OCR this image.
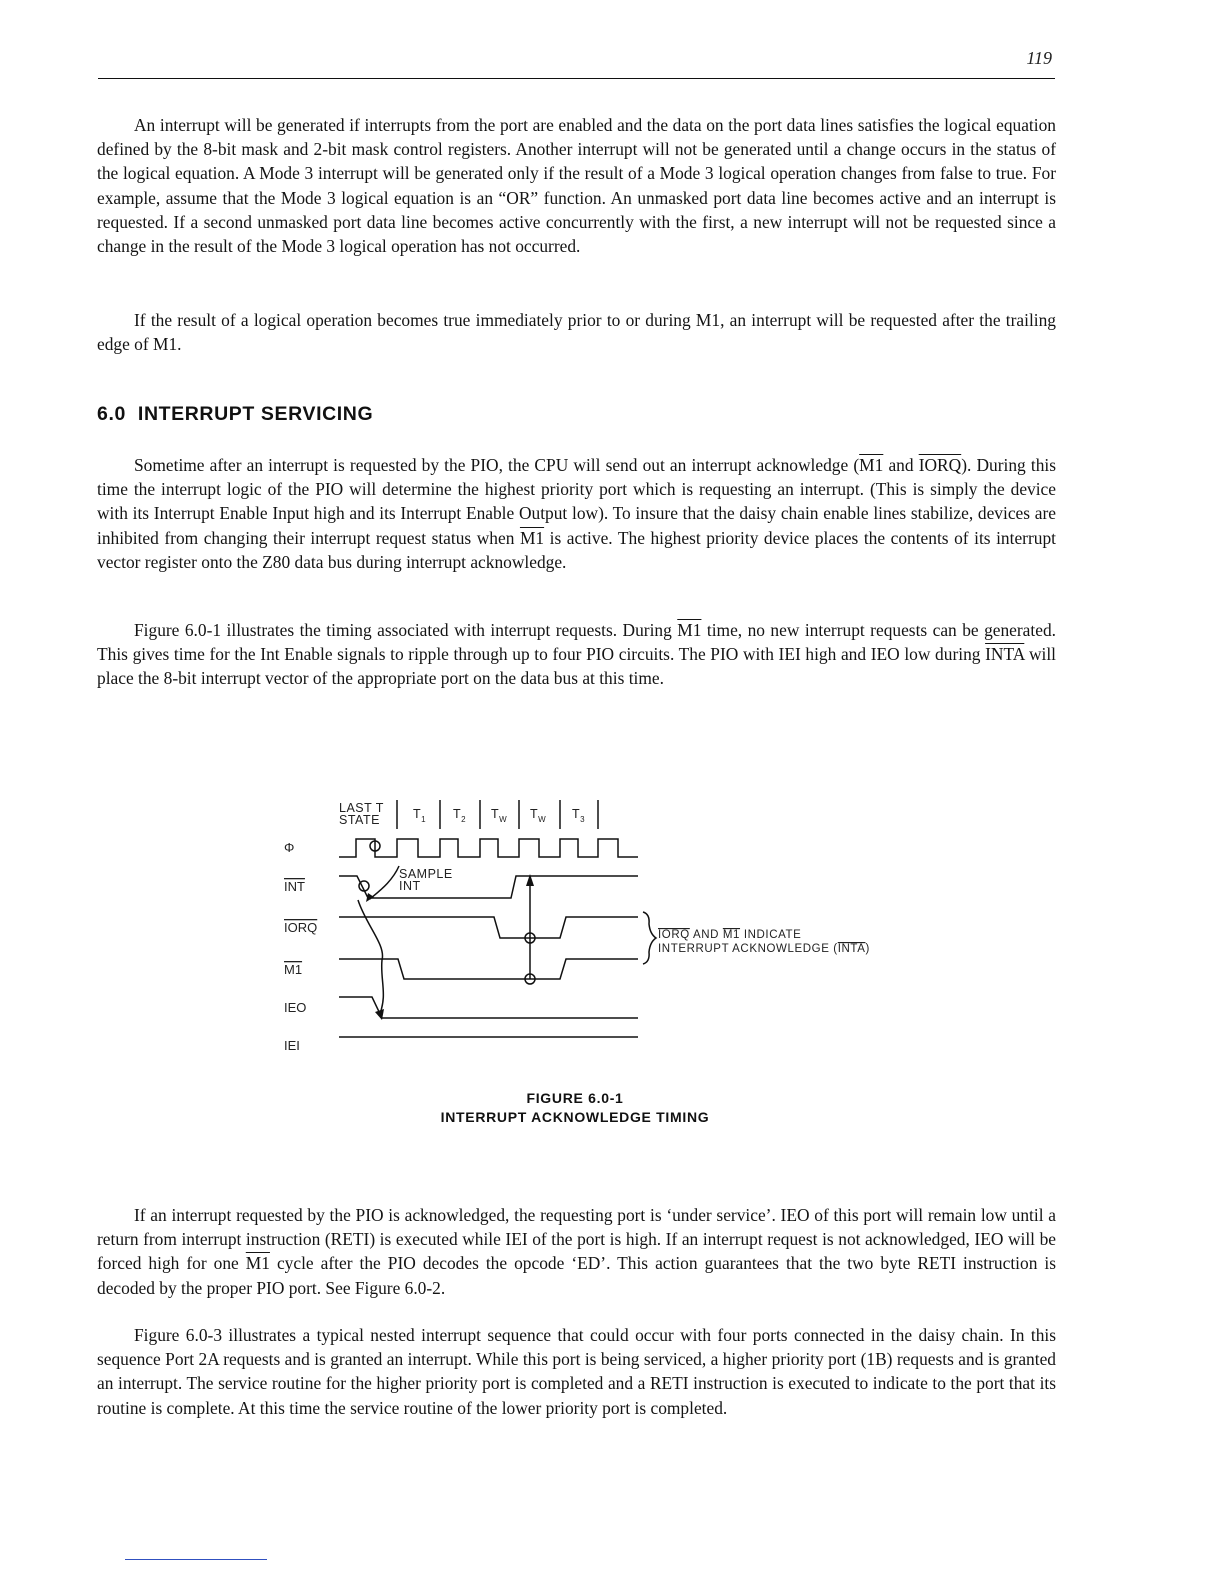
119

An interrupt will be generated if interrupts from the port are enabled and the data on the port data lines satisfies the logical equation defined by the 8-bit mask and 2-bit mask control registers. Another interrupt will not be generated until a change occurs in the status of the logical equation. A Mode 3 interrupt will be generated only if the result of a Mode 3 logical operation changes from false to true. For example, assume that the Mode 3 logical equation is an “OR” function. An unmasked port data line becomes active and an interrupt is requested. If a second unmasked port data line becomes active concurrently with the first, a new interrupt will not be requested since a change in the result of the Mode 3 logical operation has not occurred.

If the result of a logical operation becomes true immediately prior to or during M1, an interrupt will be requested after the trailing edge of M1.

6.0 INTERRUPT SERVICING

Sometime after an interrupt is requested by the PIO, the CPU will send out an interrupt acknowledge (M1 and IORQ). During this time the interrupt logic of the PIO will determine the highest priority port which is requesting an interrupt. (This is simply the device with its Interrupt Enable Input high and its Interrupt Enable Output low). To insure that the daisy chain enable lines stabilize, devices are inhibited from changing their interrupt request status when M1 is active. The highest priority device places the contents of its interrupt vector register onto the Z80 data bus during interrupt acknowledge.

Figure 6.0-1 illustrates the timing associated with interrupt requests. During M1 time, no new interrupt requests can be generated. This gives time for the Int Enable signals to ripple through up to four PIO circuits. The PIO with IEI high and IEO low during INTA will place the 8-bit interrupt vector of the appropriate port on the data bus at this time.

LAST T
STATE	$T_1$ $T_2$ $T_W$ $T_W$ $T_3$
Φ
INT
IORQ
M1
IEO
IEI
SAMPLE
INT
IORQ AND M1 INDICATE
INTERRUPT ACKNOWLEDGE (INTA)

FIGURE 6.0-1

INTERRUPT ACKNOWLEDGE TIMING

If an interrupt requested by the PIO is acknowledged, the requesting port is ‘under service’. IEO of this port will remain low until a return from interrupt instruction (RETI) is executed while IEI of the port is high. If an interrupt request is not acknowledged, IEO will be forced high for one M1 cycle after the PIO decodes the opcode ‘ED’. This action guarantees that the two byte RETI instruction is decoded by the proper PIO port. See Figure 6.0-2.

Figure 6.0-3 illustrates a typical nested interrupt sequence that could occur with four ports connected in the daisy chain. In this sequence Port 2A requests and is granted an interrupt. While this port is being serviced, a higher priority port (1B) requests and is granted an interrupt. The service routine for the higher priority port is completed and a RETI instruction is executed to indicate to the port that its routine is complete. At this time the service routine of the lower priority port is completed.
